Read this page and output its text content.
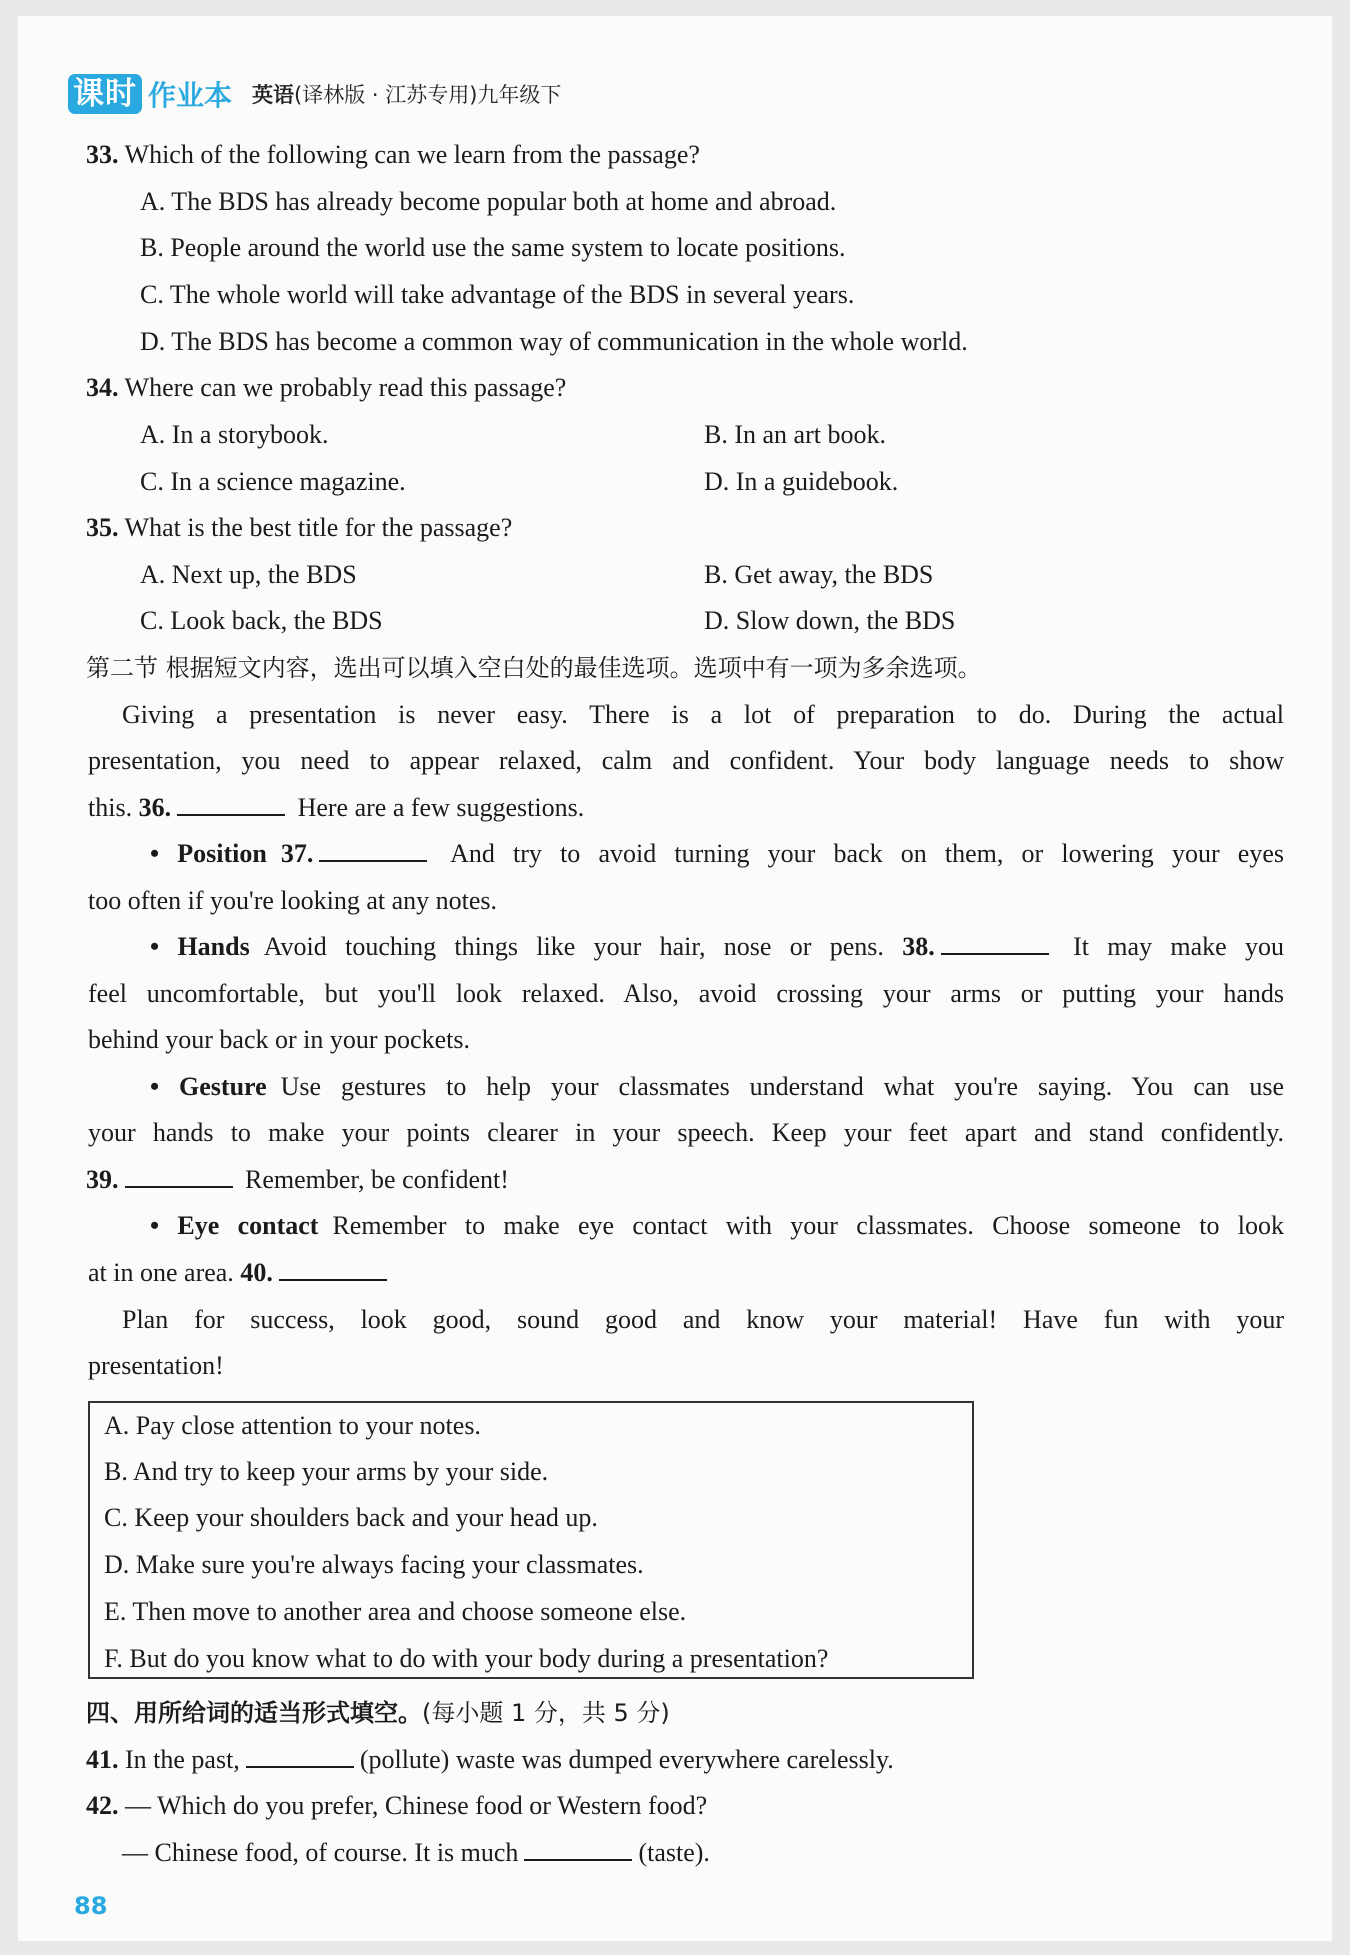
课时 作业本 英语(译林版 · 江苏专用)九年级下
33. Which of the following can we learn from the passage?
A. The BDS has already become popular both at home and abroad.
B. People around the world use the same system to locate positions.
C. The whole world will take advantage of the BDS in several years.
D. The BDS has become a common way of communication in the whole world.
34. Where can we probably read this passage?
A. In a storybook.	B. In an art book.
C. In a science magazine.	D. In a guidebook.
35. What is the best title for the passage?
A. Next up, the BDS	B. Get away, the BDS
C. Look back, the BDS	D. Slow down, the BDS
第二节 根据短文内容，选出可以填入空白处的最佳选项。选项中有一项为多余选项。
Giving a presentation is never easy. There is a lot of preparation to do. During the actual
presentation, you need to appear relaxed, calm and confident. Your body language needs to show
this. 36.	Here are a few suggestions.
• Position 37.	And try to avoid turning your back on them, or lowering your eyes
too often if you're looking at any notes.
• Hands Avoid touching things like your hair, nose or pens. 38.	It may make you
feel uncomfortable, but you'll look relaxed. Also, avoid crossing your arms or putting your hands
behind your back or in your pockets.
• Gesture Use gestures to help your classmates understand what you're saying. You can use
your hands to make your points clearer in your speech. Keep your feet apart and stand confidently.
39.	Remember, be confident!
• Eye contact Remember to make eye contact with your classmates. Choose someone to look
at in one area. 40.
Plan for success, look good, sound good and know your material! Have fun with your
presentation!
A. Pay close attention to your notes.
B. And try to keep your arms by your side.
C. Keep your shoulders back and your head up.
D. Make sure you're always facing your classmates.
E. Then move to another area and choose someone else.
F. But do you know what to do with your body during a presentation?
四、用所给词的适当形式填空。(每小题 1 分，共 5 分)
41. In the past,	(pollute) waste was dumped everywhere carelessly.
42. — Which do you prefer, Chinese food or Western food?
— Chinese food, of course. It is much	(taste).
88
